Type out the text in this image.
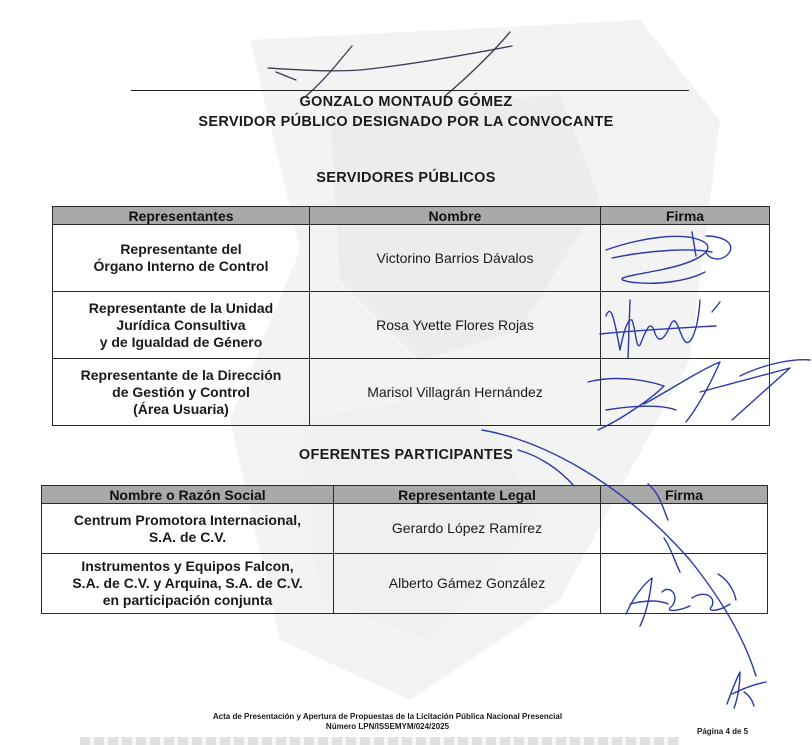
GONZALO MONTAUD GÓMEZ
SERVIDOR PÚBLICO DESIGNADO POR LA CONVOCANTE
SERVIDORES PÚBLICOS
Representantes	Nombre	Firma

Representante del
Órgano Interno de Control	Victorino Barrios Dávalos	

Representante de la Unidad
Jurídica Consultiva
y de Igualdad de Género	Rosa Yvette Flores Rojas	

Representante de la Dirección
de Gestión y Control
(Área Usuaria)	Marisol Villagrán Hernández	
OFERENTES PARTICIPANTES
Nombre o Razón Social	Representante Legal	Firma

Centrum Promotora Internacional,
S.A. de C.V.	Gerardo López Ramírez	

Instrumentos y Equipos Falcon,
S.A. de C.V. y Arquina, S.A. de C.V.
en participación conjunta	Alberto Gámez González	
Acta de Presentación y Apertura de Propuestas de la Licitación Pública Nacional Presencial
Número LPN/ISSEMYM/024/2025
Página 4 de 5
